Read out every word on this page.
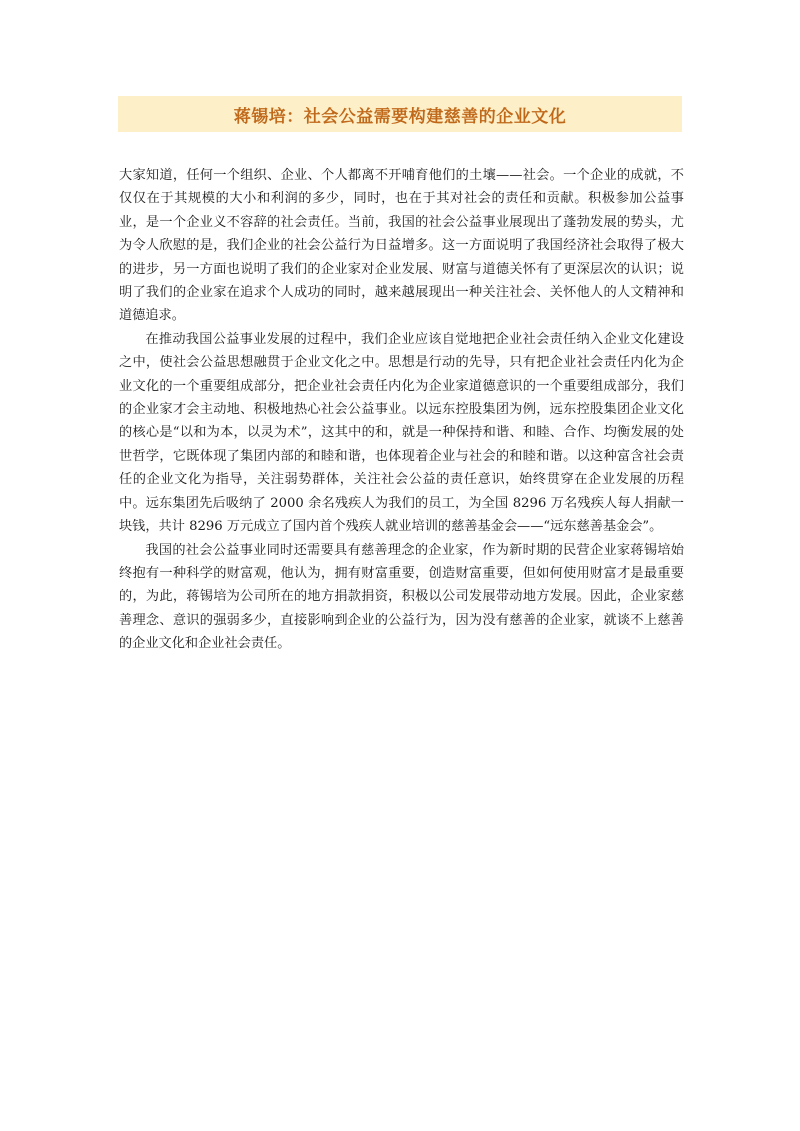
蒋锡培：社会公益需要构建慈善的企业文化

大家知道，任何一个组织、企业、个人都离不开哺育他们的土壤——社会。一个企业的成就，不仅仅在于其规模的大小和利润的多少，同时，也在于其对社会的责任和贡献。积极参加公益事业，是一个企业义不容辞的社会责任。当前，我国的社会公益事业展现出了蓬勃发展的势头，尤为令人欣慰的是，我们企业的社会公益行为日益增多。这一方面说明了我国经济社会取得了极大的进步，另一方面也说明了我们的企业家对企业发展、财富与道德关怀有了更深层次的认识；说明了我们的企业家在追求个人成功的同时，越来越展现出一种关注社会、关怀他人的人文精神和道德追求。

在推动我国公益事业发展的过程中，我们企业应该自觉地把企业社会责任纳入企业文化建设之中，使社会公益思想融贯于企业文化之中。思想是行动的先导，只有把企业社会责任内化为企业文化的一个重要组成部分，把企业社会责任内化为企业家道德意识的一个重要组成部分，我们的企业家才会主动地、积极地热心社会公益事业。以远东控股集团为例，远东控股集团企业文化的核心是“以和为本，以灵为术”，这其中的和，就是一种保持和谐、和睦、合作、均衡发展的处世哲学，它既体现了集团内部的和睦和谐，也体现着企业与社会的和睦和谐。以这种富含社会责任的企业文化为指导，关注弱势群体，关注社会公益的责任意识，始终贯穿在企业发展的历程中。远东集团先后吸纳了 2000 余名残疾人为我们的员工，为全国 8296 万名残疾人每人捐献一块钱，共计 8296 万元成立了国内首个残疾人就业培训的慈善基金会——“远东慈善基金会”。

我国的社会公益事业同时还需要具有慈善理念的企业家，作为新时期的民营企业家蒋锡培始终抱有一种科学的财富观，他认为，拥有财富重要，创造财富重要，但如何使用财富才是最重要的，为此，蒋锡培为公司所在的地方捐款捐资，积极以公司发展带动地方发展。因此，企业家慈善理念、意识的强弱多少，直接影响到企业的公益行为，因为没有慈善的企业家，就谈不上慈善的企业文化和企业社会责任。
